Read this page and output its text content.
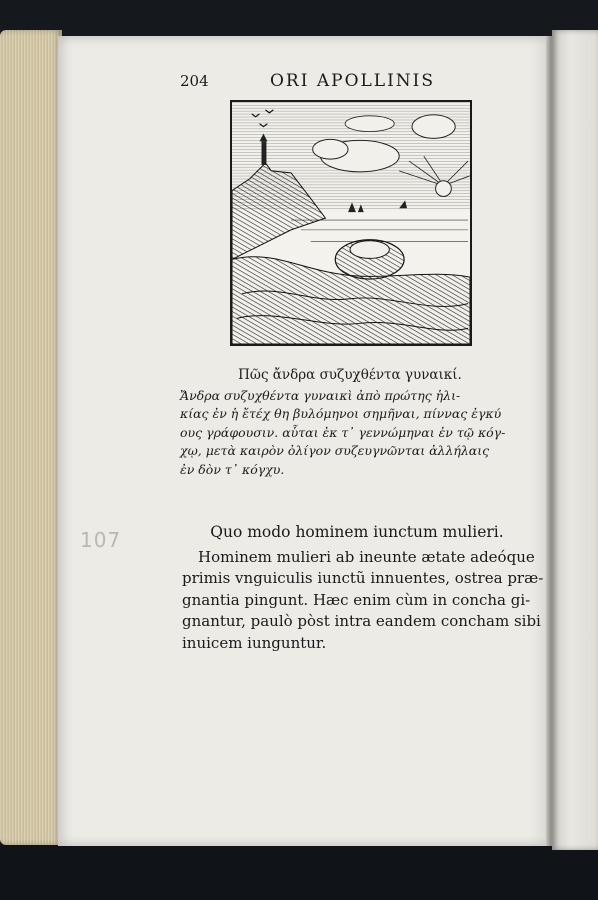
204	ORI APOLLINIS
Πῶς ἄνδρα συζυχθέντα γυναικί.
Ἄνδρα συζυχθέντα γυναικὶ ἀπὸ πρώτης ἡλι-
κίας ἐν ἡ ἔτέχ θη βυλόμηνοι σημῆναι, πίννας ἐγκύ
ους γράφουσιν. αὗται ἐκ τ᾽ γεννώμηναι ἐν τῷ κόγ-
χῳ, μετὰ καιρὸν ὀλίγον συζευγνῶνται ἀλλήλαις
ἐν δὸν τ᾽ κόγχυ.
107	Quo modo hominem iunctum mulieri.
Hominem mulieri ab ineunte ætate adeóque
primis vnguiculis iunctũ innuentes, ostrea præ-
gnantia pingunt. Hæc enim cùm in concha gi-
gnantur, paulò pòst intra eandem concham sibi
inuicem iunguntur.
